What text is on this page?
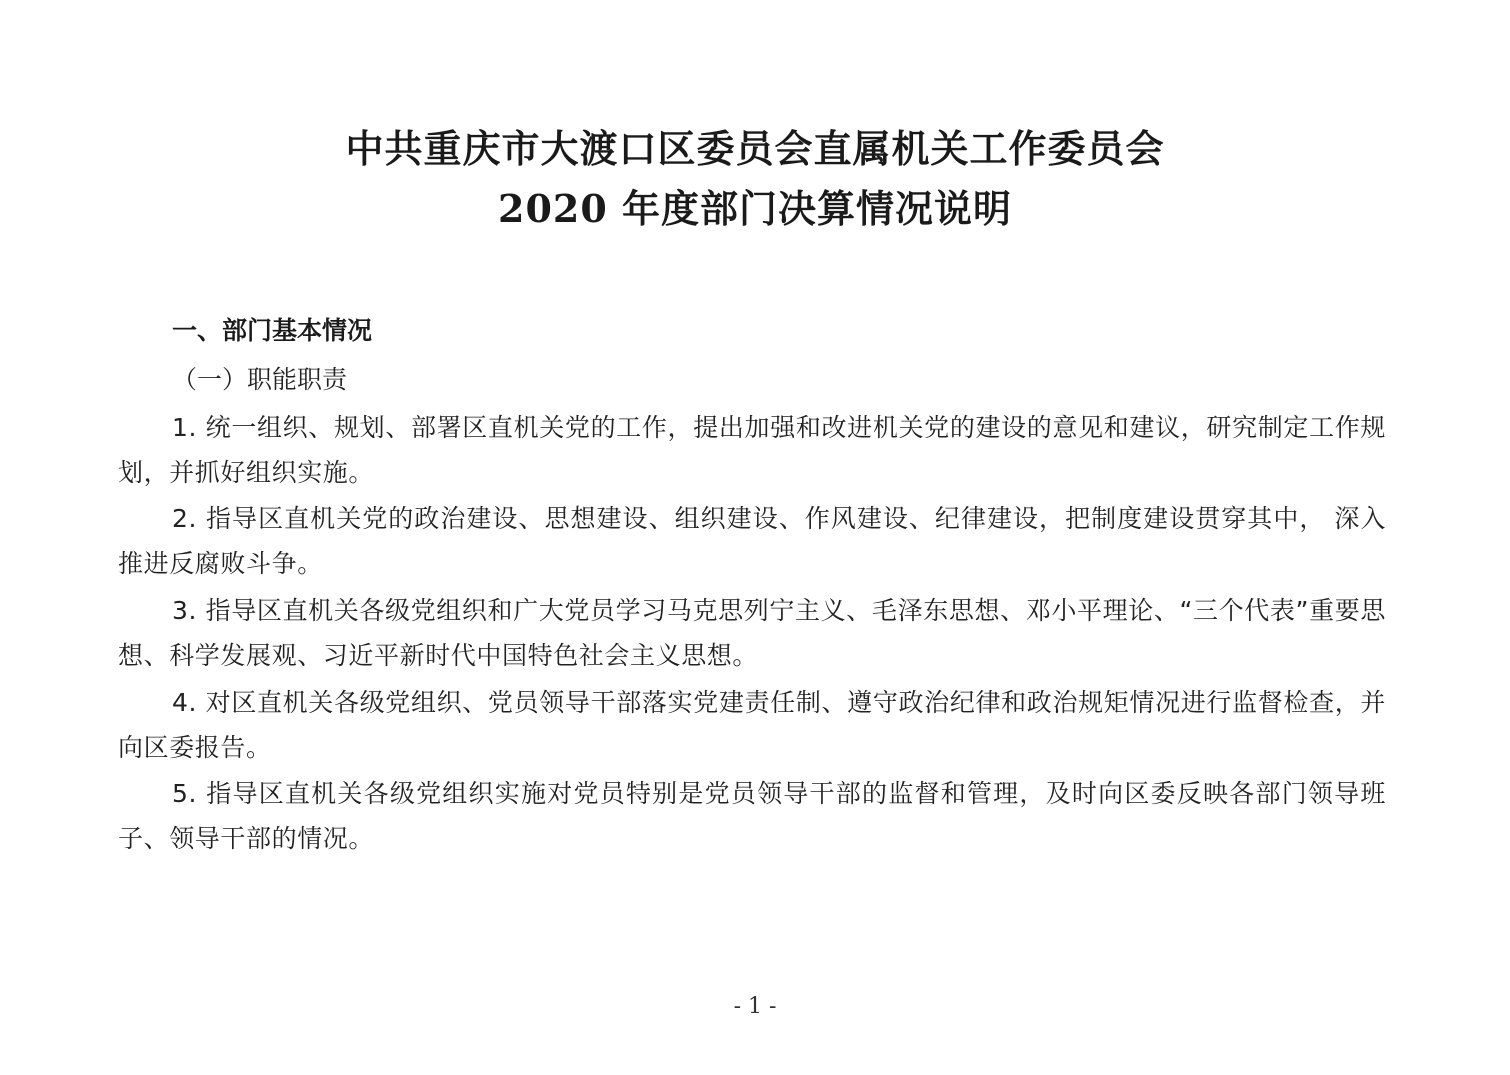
中共重庆市大渡口区委员会直属机关工作委员会
2020 年度部门决算情况说明
一、部门基本情况
（一）职能职责
1. 统一组织、规划、部署区直机关党的工作，提出加强和改进机关党的建设的意见和建议，研究制定工作规划，并抓好组织实施。
2. 指导区直机关党的政治建设、思想建设、组织建设、作风建设、纪律建设，把制度建设贯穿其中， 深入推进反腐败斗争。
3. 指导区直机关各级党组织和广大党员学习马克思列宁主义、毛泽东思想、邓小平理论、“三个代表”重要思想、科学发展观、习近平新时代中国特色社会主义思想。
4. 对区直机关各级党组织、党员领导干部落实党建责任制、遵守政治纪律和政治规矩情况进行监督检查，并向区委报告。
5. 指导区直机关各级党组织实施对党员特别是党员领导干部的监督和管理，及时向区委反映各部门领导班子、领导干部的情况。
- 1 -
